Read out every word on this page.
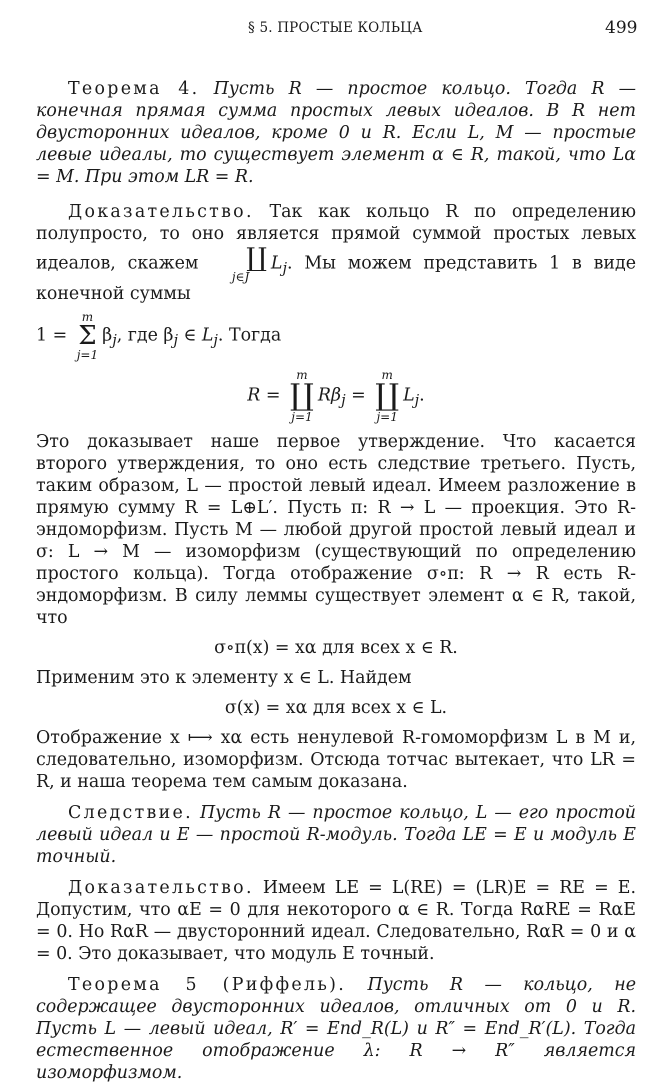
§ 5. ПРОСТЫЕ КОЛЬЦА	499

Теорема 4. Пусть R — простое кольцо. Тогда R — конечная прямая сумма простых левых идеалов. В R нет двусторонних идеалов, кроме 0 и R. Если L, M — простые левые идеалы, то существует элемент α ∈ R, такой, что Lα = M. При этом LR = R.

Доказательство. Так как кольцо R по определению полупросто, то оно является прямой суммой простых левых идеалов, скажем	∐
$j\in JL_j$. Мы можем представить 1 в виде конечной суммы

1 = m
Σ
$j=1\beta_j$, где $\beta_j$ ∈ $L_j$. Тогда

R = m
∐
$j=1R\beta_j = m$
∐
$j=1L_j$.

Это доказывает наше первое утверждение. Что касается второго утверждения, то оно есть следствие третьего. Пусть, таким образом, L — простой левый идеал. Имеем разложение в прямую сумму R = L⊕L′. Пусть π: R → L — проекция. Это R-эндоморфизм. Пусть M — любой другой простой левый идеал и σ: L → M — изоморфизм (существующий по определению простого кольца). Тогда отображение σ∘π: R → R есть R-эндоморфизм. В силу леммы существует элемент α ∈ R, такой, что

σ∘π(x) = xα для всех x ∈ R.

Применим это к элементу x ∈ L. Найдем

σ(x) = xα для всех x ∈ L.

Отображение x ⟼ xα есть ненулевой R-гомоморфизм L в M и, следовательно, изоморфизм. Отсюда тотчас вытекает, что LR = R, и наша теорема тем самым доказана.

Следствие. Пусть R — простое кольцо, L — его простой левый идеал и E — простой R-модуль. Тогда LE = E и модуль E точный.

Доказательство. Имеем LE = L(RE) = (LR)E = RE = E. Допустим, что αE = 0 для некоторого α ∈ R. Тогда RαRE = RαE = 0. Но RαR — двусторонний идеал. Следовательно, RαR = 0 и α = 0. Это доказывает, что модуль E точный.

Теорема 5 (Риффель). Пусть R — кольцо, не содержащее двусторонних идеалов, отличных от 0 и R. Пусть L — левый идеал, R′ = End_R(L) и R″ = End_R′(L). Тогда естественное отображение λ: R → R″ является изоморфизмом.
